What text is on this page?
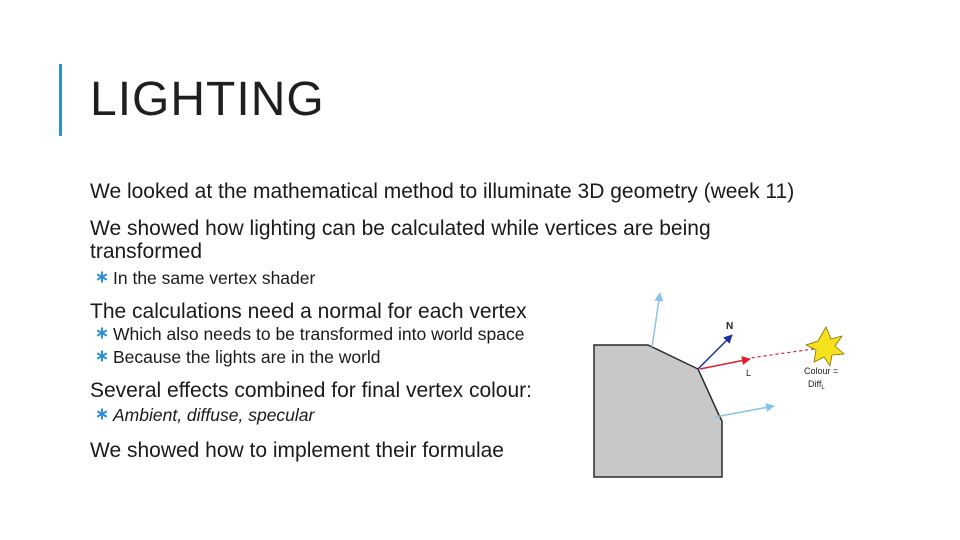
LIGHTING

We looked at the mathematical method to illuminate 3D geometry (week 11)

We showed how lighting can be calculated while vertices are being transformed

In the same vertex shader

The calculations need a normal for each vertex

Which also needs to be transformed into world space

Because the lights are in the world

Several effects combined for final vertex colour:

Ambient, diffuse, specular

We showed how to implement their formulae

N
L	Colour =
Diff$_L$
